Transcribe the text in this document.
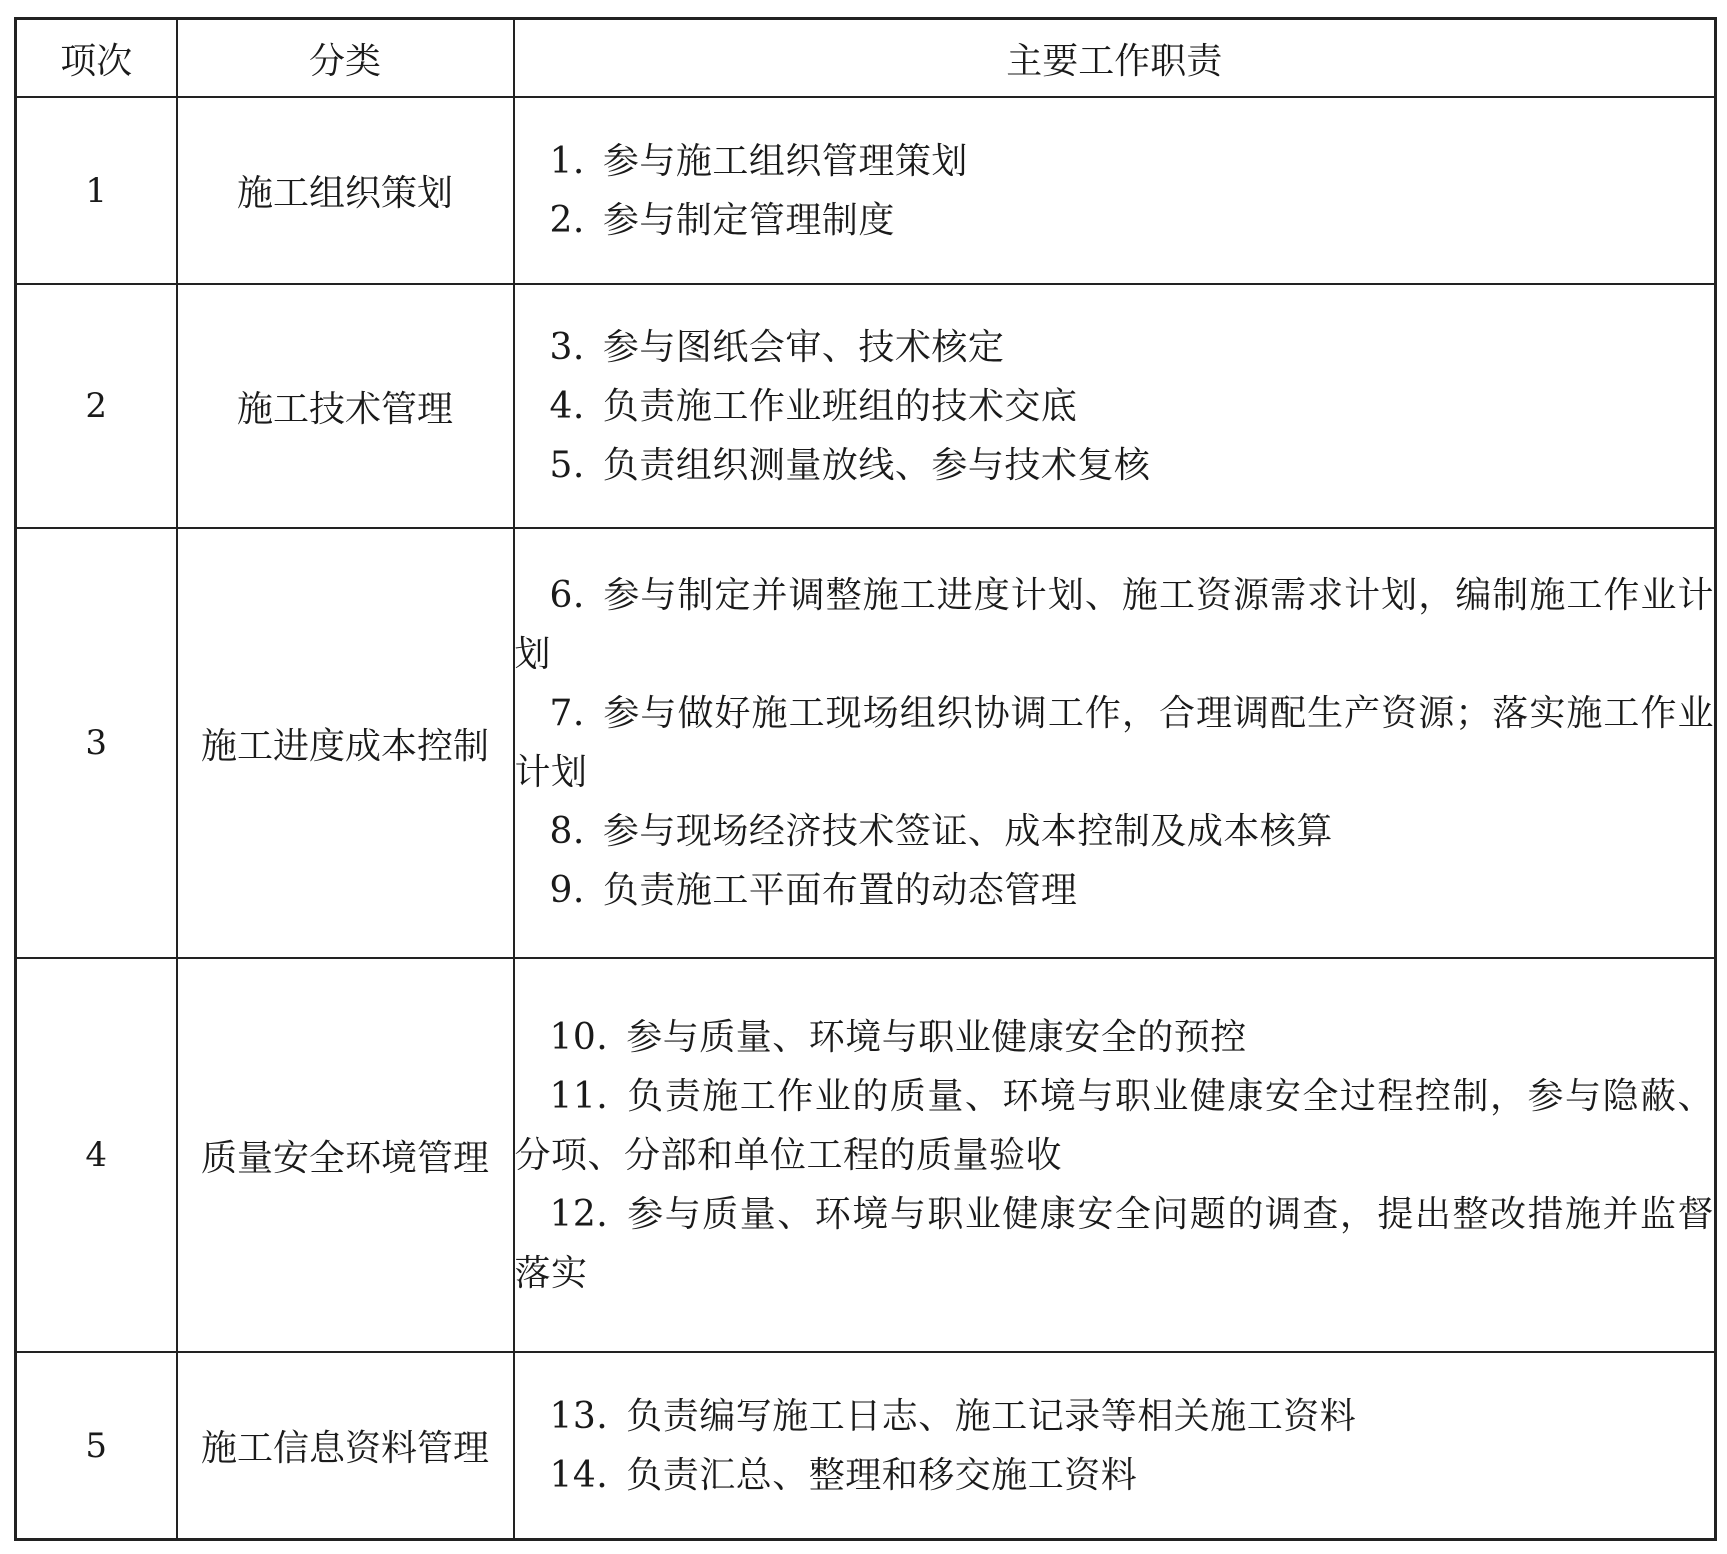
项次	分类	主要工作职责
1	施工组织策划	1. 参与施工组织管理策划
2. 参与制定管理制度

2	施工技术管理	3. 参与图纸会审、技术核定
4. 负责施工作业班组的技术交底
5. 负责组织测量放线、参与技术复核

3	施工进度成本控制	6. 参与制定并调整施工进度计划、施工资源需求计划，编制施工作业计划
7. 参与做好施工现场组织协调工作，合理调配生产资源；落实施工作业计划
8. 参与现场经济技术签证、成本控制及成本核算
9. 负责施工平面布置的动态管理

4	质量安全环境管理	10. 参与质量、环境与职业健康安全的预控
11. 负责施工作业的质量、环境与职业健康安全过程控制，参与隐蔽、分项、分部和单位工程的质量验收
12. 参与质量、环境与职业健康安全问题的调查，提出整改措施并监督落实

5	施工信息资料管理	13. 负责编写施工日志、施工记录等相关施工资料
14. 负责汇总、整理和移交施工资料
